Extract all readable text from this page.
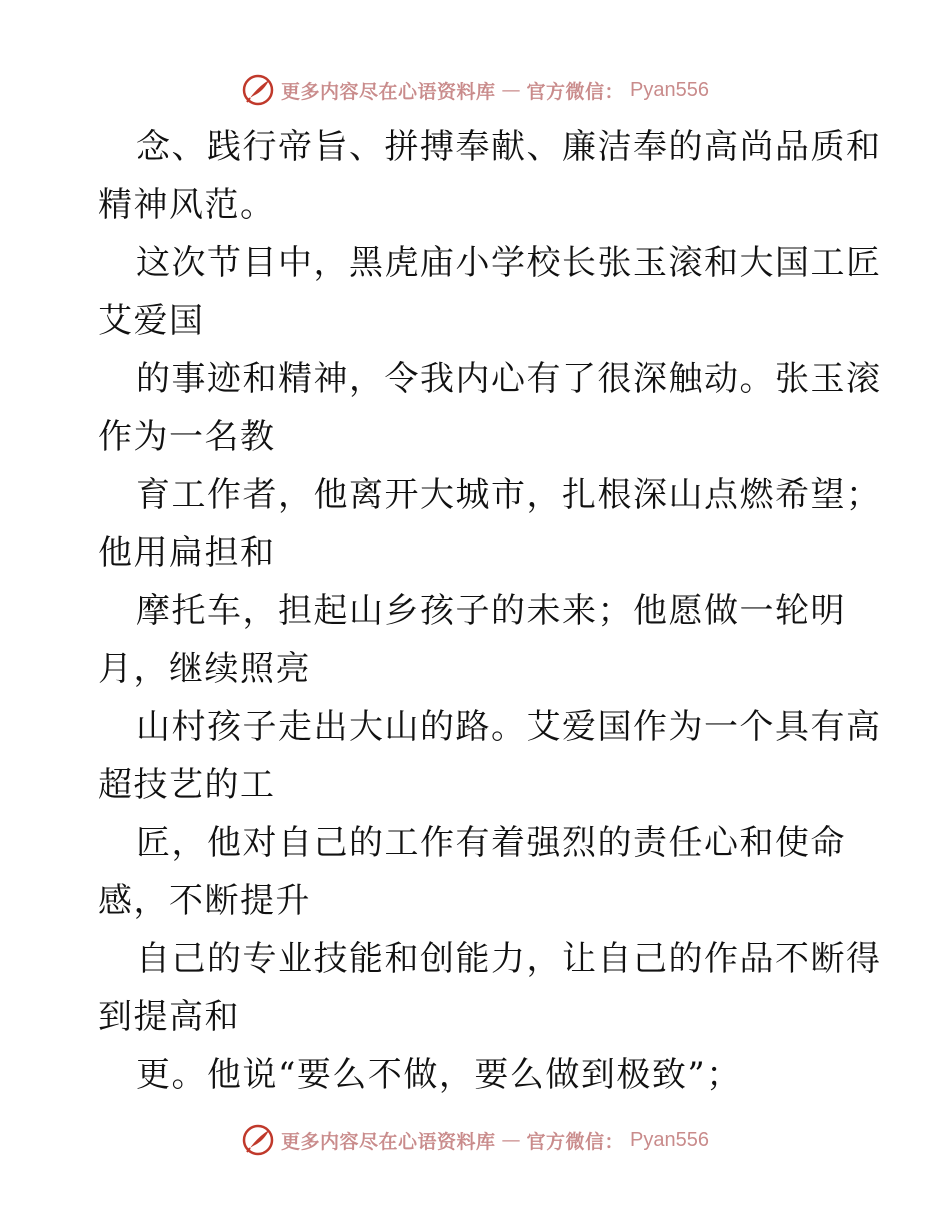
更多内容尽在心语资料库 — 官方微信： Pyan556
念、践行帝旨、拼搏奉献、廉洁奉的高尚品质和
精神风范。
这次节目中，黑虎庙小学校长张玉滚和大国工匠
艾爱国
的事迹和精神，令我内心有了很深触动。张玉滚
作为一名教
育工作者，他离开大城市，扎根深山点燃希望；
他用扁担和
摩托车，担起山乡孩子的未来；他愿做一轮明
月，继续照亮
山村孩子走出大山的路。艾爱国作为一个具有高
超技艺的工
匠，他对自己的工作有着强烈的责任心和使命
感，不断提升
自己的专业技能和创能力，让自己的作品不断得
到提高和
更。他说“要么不做，要么做到极致”；
更多内容尽在心语资料库 — 官方微信： Pyan556
